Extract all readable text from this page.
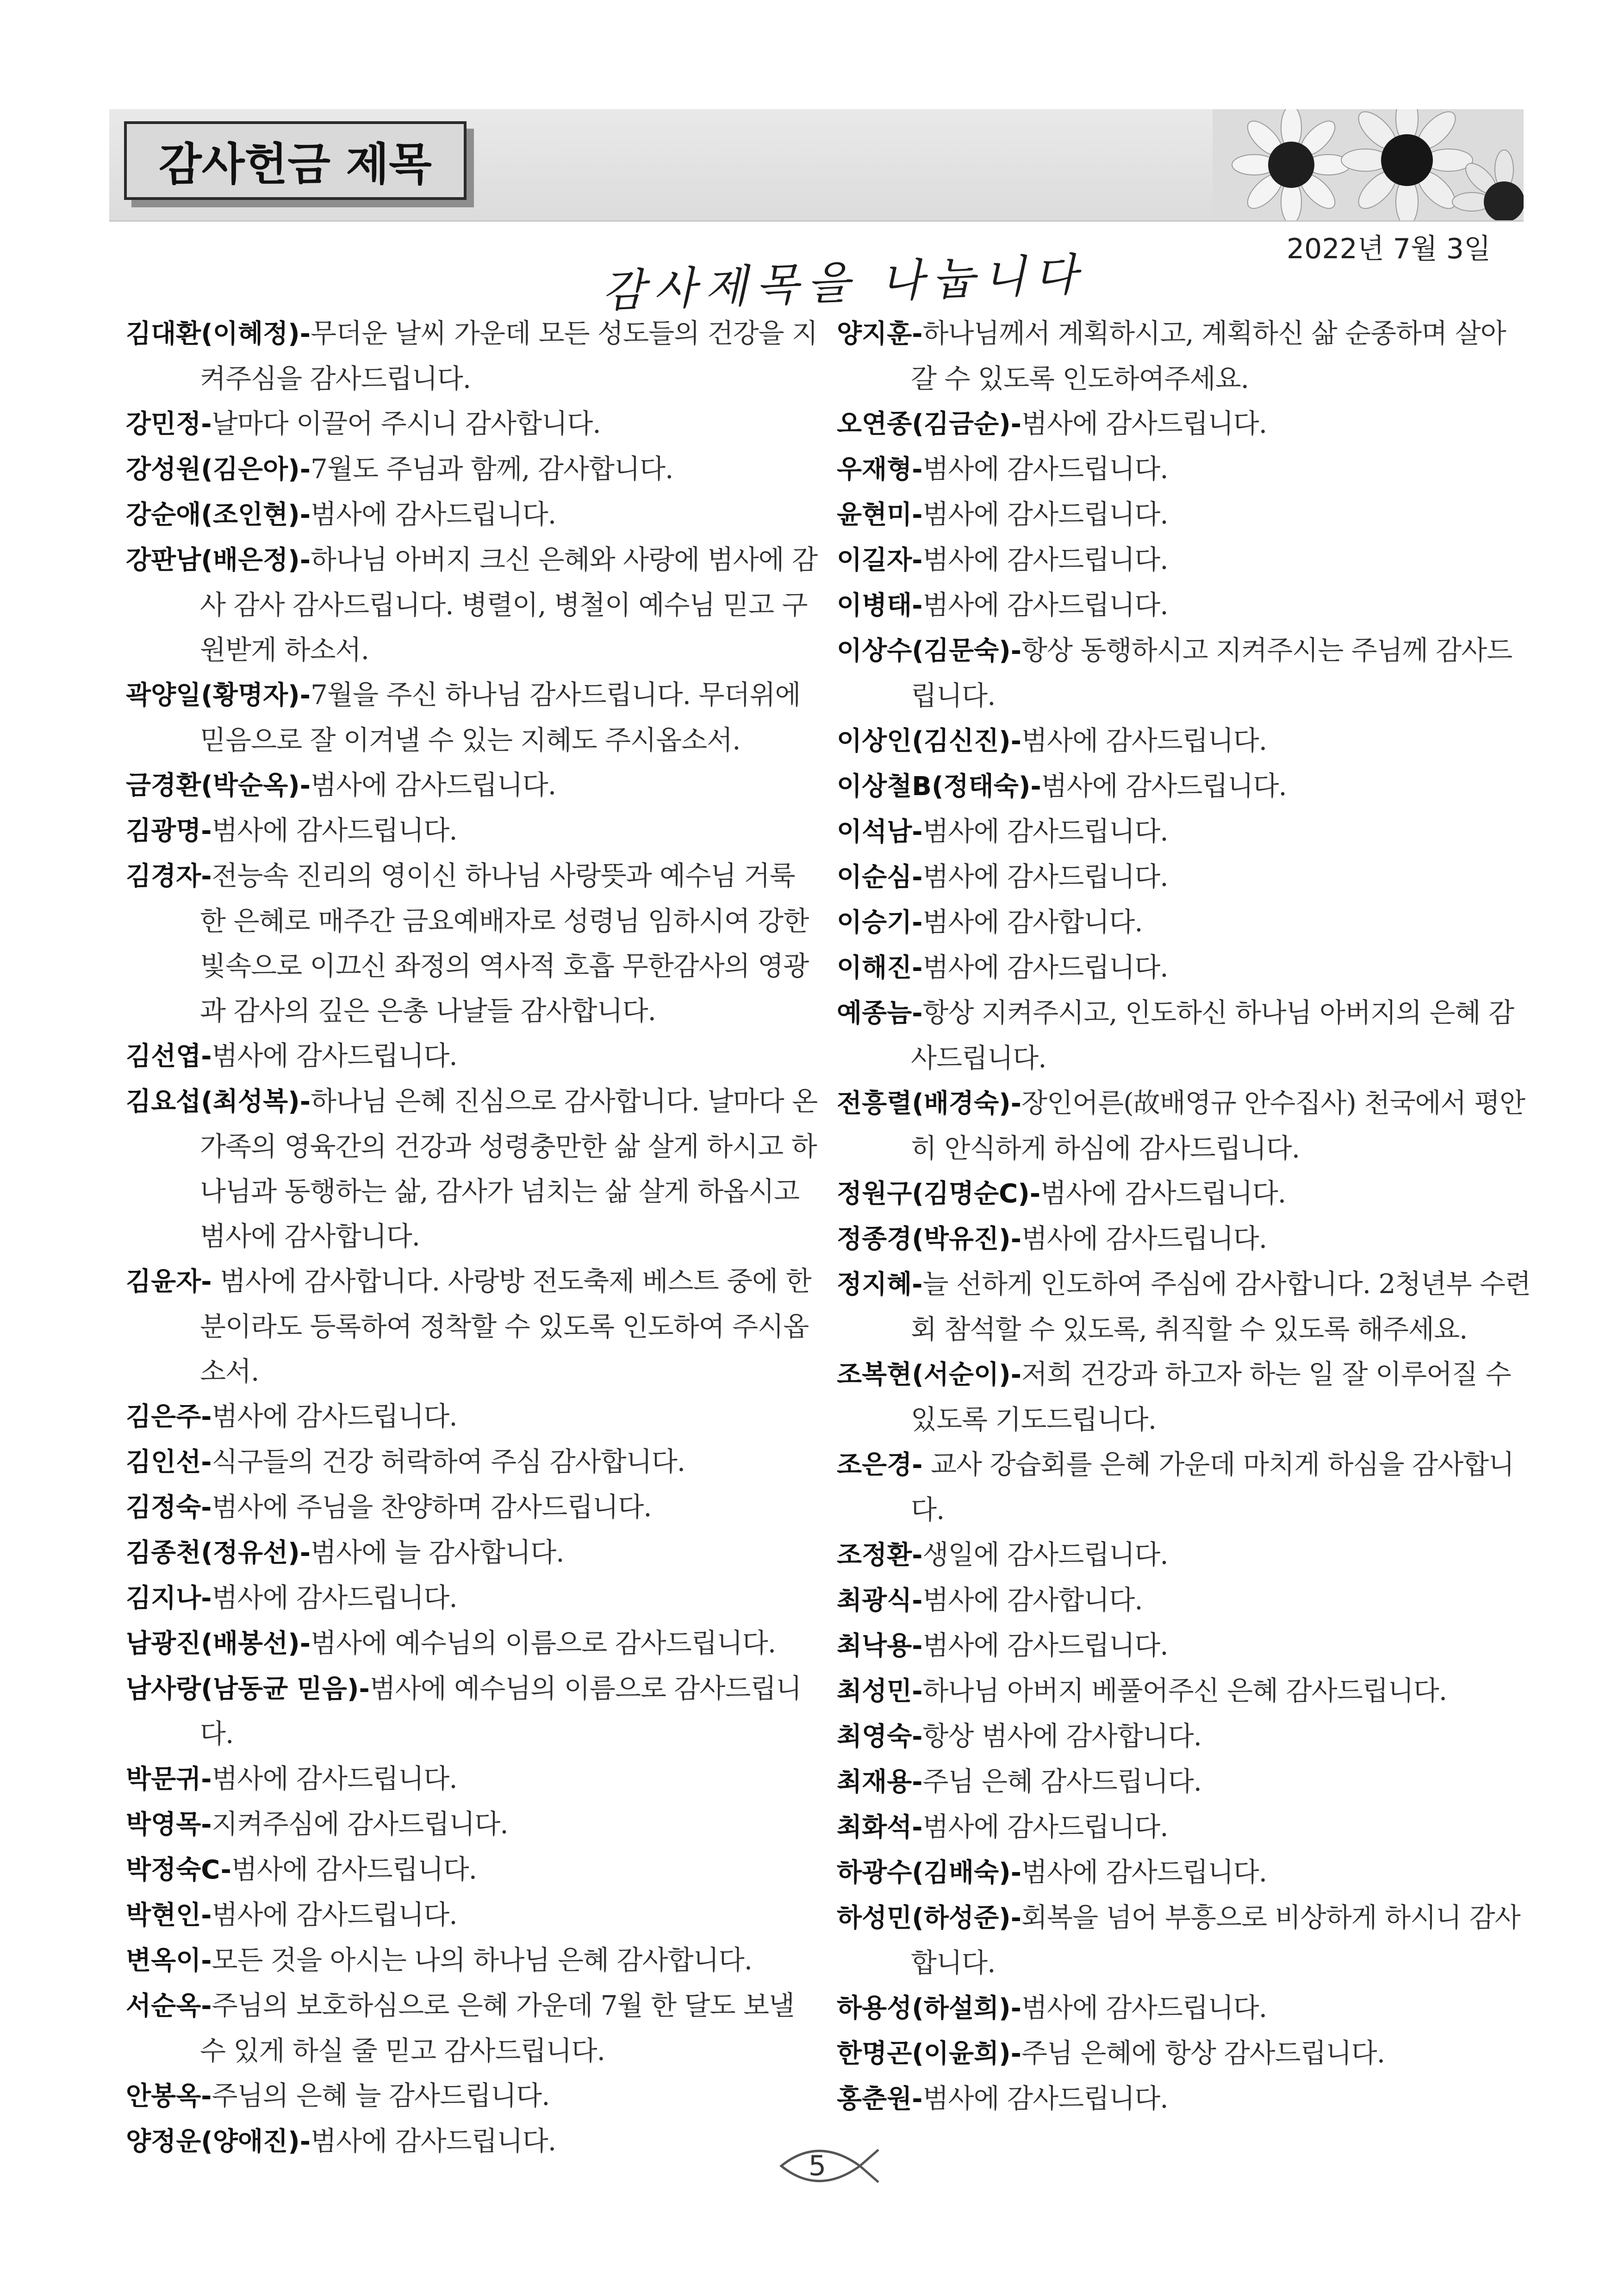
감사헌금 제목
2022년 7월 3일
감사제목을 나눕니다
김대환(이혜정)-무더운 날씨 가운데 모든 성도들의 건강을 지켜주심을 감사드립니다.
강민정-날마다 이끌어 주시니 감사합니다.
강성원(김은아)-7월도 주님과 함께, 감사합니다.
강순애(조인현)-범사에 감사드립니다.
강판남(배은정)-하나님 아버지 크신 은혜와 사랑에 범사에 감사 감사 감사드립니다. 병렬이, 병철이 예수님 믿고 구원받게 하소서.
곽양일(황명자)-7월을 주신 하나님 감사드립니다. 무더위에 믿음으로 잘 이겨낼 수 있는 지혜도 주시옵소서.
금경환(박순옥)-범사에 감사드립니다.
김광명-범사에 감사드립니다.
김경자-전능속 진리의 영이신 하나님 사랑뜻과 예수님 거룩한 은혜로 매주간 금요예배자로 성령님 임하시여 강한 빛속으로 이끄신 좌정의 역사적 호흡 무한감사의 영광과 감사의 깊은 은총 나날들 감사합니다.
김선엽-범사에 감사드립니다.
김요섭(최성복)-하나님 은혜 진심으로 감사합니다. 날마다 온 가족의 영육간의 건강과 성령충만한 삶 살게 하시고 하나님과 동행하는 삶, 감사가 넘치는 삶 살게 하옵시고 범사에 감사합니다.
김윤자- 범사에 감사합니다. 사랑방 전도축제 베스트 중에 한 분이라도 등록하여 정착할 수 있도록 인도하여 주시옵소서.
김은주-범사에 감사드립니다.
김인선-식구들의 건강 허락하여 주심 감사합니다.
김정숙-범사에 주님을 찬양하며 감사드립니다.
김종천(정유선)-범사에 늘 감사합니다.
김지나-범사에 감사드립니다.
남광진(배봉선)-범사에 예수님의 이름으로 감사드립니다.
남사랑(남동균 믿음)-범사에 예수님의 이름으로 감사드립니다.
박문귀-범사에 감사드립니다.
박영목-지켜주심에 감사드립니다.
박정숙C-범사에 감사드립니다.
박현인-범사에 감사드립니다.
변옥이-모든 것을 아시는 나의 하나님 은혜 감사합니다.
서순옥-주님의 보호하심으로 은혜 가운데 7월 한 달도 보낼 수 있게 하실 줄 믿고 감사드립니다.
안봉옥-주님의 은혜 늘 감사드립니다.
양정운(양애진)-범사에 감사드립니다.
양지훈-하나님께서 계획하시고, 계획하신 삶 순종하며 살아갈 수 있도록 인도하여주세요.
오연종(김금순)-범사에 감사드립니다.
우재형-범사에 감사드립니다.
윤현미-범사에 감사드립니다.
이길자-범사에 감사드립니다.
이병태-범사에 감사드립니다.
이상수(김문숙)-항상 동행하시고 지켜주시는 주님께 감사드립니다.
이상인(김신진)-범사에 감사드립니다.
이상철B(정태숙)-범사에 감사드립니다.
이석남-범사에 감사드립니다.
이순심-범사에 감사드립니다.
이승기-범사에 감사합니다.
이해진-범사에 감사드립니다.
예종늠-항상 지켜주시고, 인도하신 하나님 아버지의 은혜 감사드립니다.
전흥렬(배경숙)-장인어른(故배영규 안수집사) 천국에서 평안히 안식하게 하심에 감사드립니다.
정원구(김명순C)-범사에 감사드립니다.
정종경(박유진)-범사에 감사드립니다.
정지혜-늘 선하게 인도하여 주심에 감사합니다. 2청년부 수련회 참석할 수 있도록, 취직할 수 있도록 해주세요.
조복현(서순이)-저희 건강과 하고자 하는 일 잘 이루어질 수 있도록 기도드립니다.
조은경- 교사 강습회를 은혜 가운데 마치게 하심을 감사합니다.
조정환-생일에 감사드립니다.
최광식-범사에 감사합니다.
최낙용-범사에 감사드립니다.
최성민-하나님 아버지 베풀어주신 은혜 감사드립니다.
최영숙-항상 범사에 감사합니다.
최재용-주님 은혜 감사드립니다.
최화석-범사에 감사드립니다.
하광수(김배숙)-범사에 감사드립니다.
하성민(하성준)-회복을 넘어 부흥으로 비상하게 하시니 감사합니다.
하용성(하설희)-범사에 감사드립니다.
한명곤(이윤희)-주님 은혜에 항상 감사드립니다.
홍춘원-범사에 감사드립니다.
5
